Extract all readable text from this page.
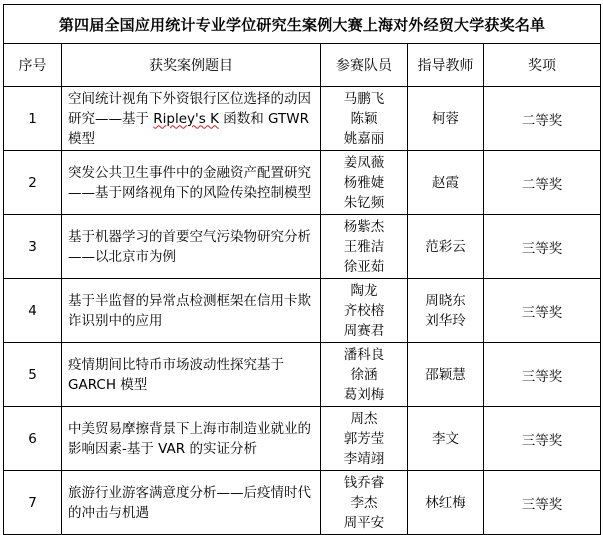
第四届全国应用统计专业学位研究生案例大赛上海对外经贸大学获奖名单				
序号	获奖案例题目	参赛队员	指导教师	奖项
1	空间统计视角下外资银行区位选择的动因研究——基于 Ripley's K 函数和 GTWR 模型	马鹏飞
陈颖
姚嘉丽	柯蓉	二等奖
2	突发公共卫生事件中的金融资产配置研究——基于网络视角下的风险传染控制模型	姜凤薇
杨雅婕
朱钇频	赵霞	二等奖
3	基于机器学习的首要空气污染物研究分析——以北京市为例	杨紫杰
王雅洁
徐亚茹	范彩云	三等奖
4	基于半监督的异常点检测框架在信用卡欺诈识别中的应用	陶龙
齐校榕
周赛君	周晓东
刘华玲	三等奖
5	疫情期间比特币市场波动性探究基于 GARCH 模型	潘科良
徐涵
葛刘梅	邵颖慧	三等奖
6	中美贸易摩擦背景下上海市制造业就业的影响因素-基于 VAR 的实证分析	周杰
郭芳莹
李靖翊	李文	三等奖
7	旅游行业游客满意度分析——后疫情时代的冲击与机遇	钱乔睿
李杰
周平安	林红梅	三等奖
